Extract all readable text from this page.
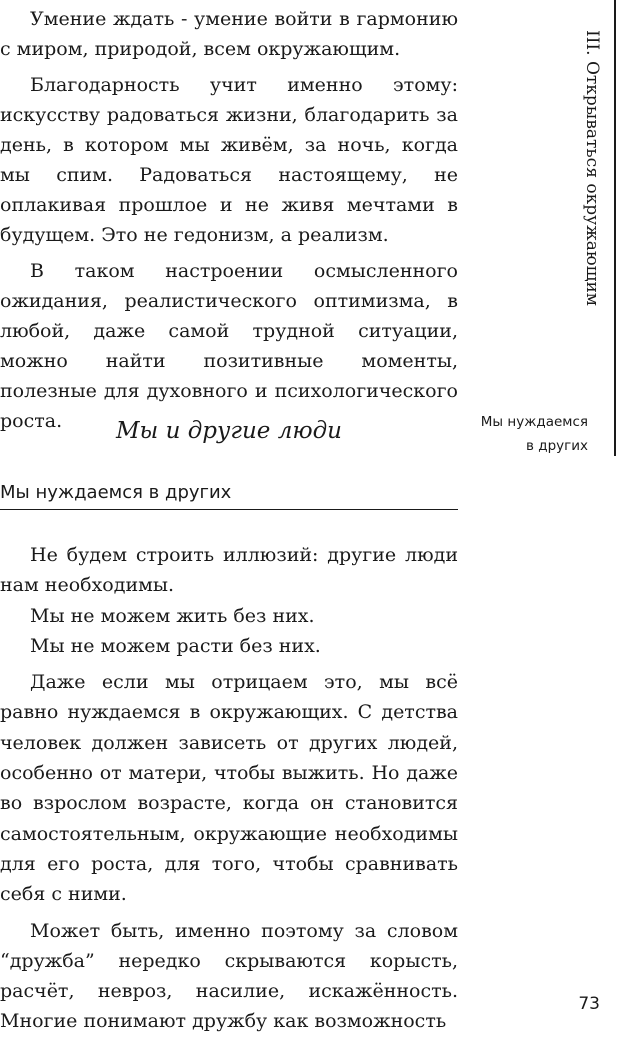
Умение ждать - умение войти в гармонию с миром, природой, всем окружающим.

Благодарность учит именно этому: искусству радоваться жизни, благодарить за день, в котором мы живём, за ночь, когда мы спим. Радоваться настоящему, не оплакивая прошлое и не живя мечтами в будущем. Это не гедонизм, а реализм.

В таком настроении осмысленного ожидания, реалистического оптимизма, в любой, даже самой трудной ситуации, можно найти позитивные моменты, полезные для духовного и психологического роста.	Мы и другие люди
Мы нуждаемся в других

Не будем строить иллюзий: другие люди нам необходимы.

Мы не можем жить без них.

Мы не можем расти без них.

Даже если мы отрицаем это, мы всё равно нуждаемся в окружающих. С детства человек должен зависеть от других людей, особенно от матери, чтобы выжить. Но даже во взрослом возрасте, когда он становится самостоятельным, окружающие необходимы для его роста, для того, чтобы сравнивать себя с ними.

Может быть, именно поэтому за словом “дружба” нередко скрываются корысть, расчёт, невроз, насилие, искажённость. Многие понимают дружбу как возможность

III. Открываться окружающим
Мы нуждаемся
в других
73
